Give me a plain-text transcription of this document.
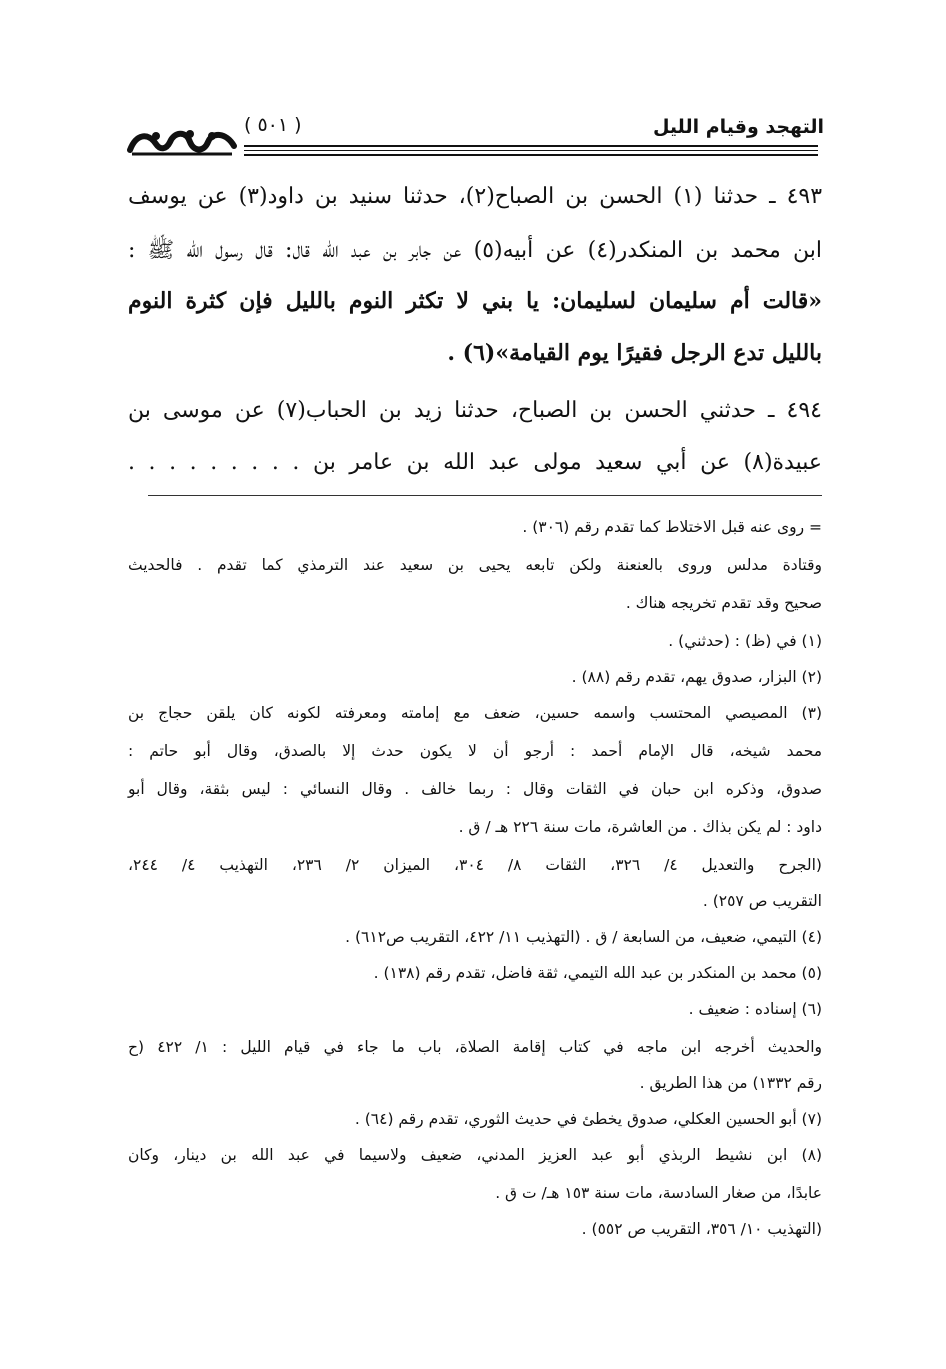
التهجد وقيام الليل
( ٥٠١ )
٤٩٣ ـ حدثنا (١) الحسن بن الصباح(٢)، حدثنا سنيد بن داود(٣) عن يوسف
ابن محمد بن المنكدر(٤) عن أبيه(٥) عن جابر بن عبد الله قال: قال رسول الله ﷺ :
«قالت أم سليمان لسليمان: يا بني لا تكثر النوم بالليل فإن كثرة النوم
بالليل تدع الرجل فقيرًا يوم القيامة»(٦) .
٤٩٤ ـ حدثني الحسن بن الصباح، حدثنا زيد بن الحباب(٧) عن موسى بن
عبيدة(٨) عن أبي سعيد مولى عبد الله بن عامر بن . . . . . . . . .
= روى عنه قبل الاختلاط كما تقدم رقم (٣٠٦) .
وقتادة مدلس وروى بالعنعنة ولكن تابعه يحيى بن سعيد عند الترمذي كما تقدم . فالحديث
صحيح وقد تقدم تخريجه هناك .
(١) في (ظ) : (حدثني) .
(٢) البزار، صدوق يهم، تقدم رقم (٨٨) .
(٣) المصيصي المحتسب واسمه حسين، ضعف مع إمامته ومعرفته لكونه كان يلقن حجاج بن
محمد شيخه، قال الإمام أحمد : أرجو أن لا يكون حدث إلا بالصدق، وقال أبو حاتم :
صدوق، وذكره ابن حبان في الثقات وقال : ربما خالف . وقال النسائي : ليس بثقة، وقال أبو
داود : لم يكن بذاك . من العاشرة، مات سنة ٢٢٦ هـ / ق .
(الجرح والتعديل ٤/ ٣٢٦، الثقات ٨/ ٣٠٤، الميزان ٢/ ٢٣٦، التهذيب ٤/ ٢٤٤،
التقريب ص ٢٥٧) .
(٤) التيمي، ضعيف، من السابعة / ق . (التهذيب ١١/ ٤٢٢، التقريب ص٦١٢) .
(٥) محمد بن المنكدر بن عبد الله التيمي، ثقة فاضل، تقدم رقم (١٣٨) .
(٦) إسناده : ضعيف .
والحديث أخرجه ابن ماجه في كتاب إقامة الصلاة، باب ما جاء في قيام الليل : ١/ ٤٢٢ (ح
رقم ١٣٣٢) من هذا الطريق .
(٧) أبو الحسين العكلي، صدوق يخطئ في حديث الثوري، تقدم رقم (٦٤) .
(٨) ابن نشيط الربذي أبو عبد العزيز المدني، ضعيف ولاسيما في عبد الله بن دينار، وكان
عابدًا، من صغار السادسة، مات سنة ١٥٣ هـ/ ت ق .
(التهذيب ١٠/ ٣٥٦، التقريب ص ٥٥٢) .
